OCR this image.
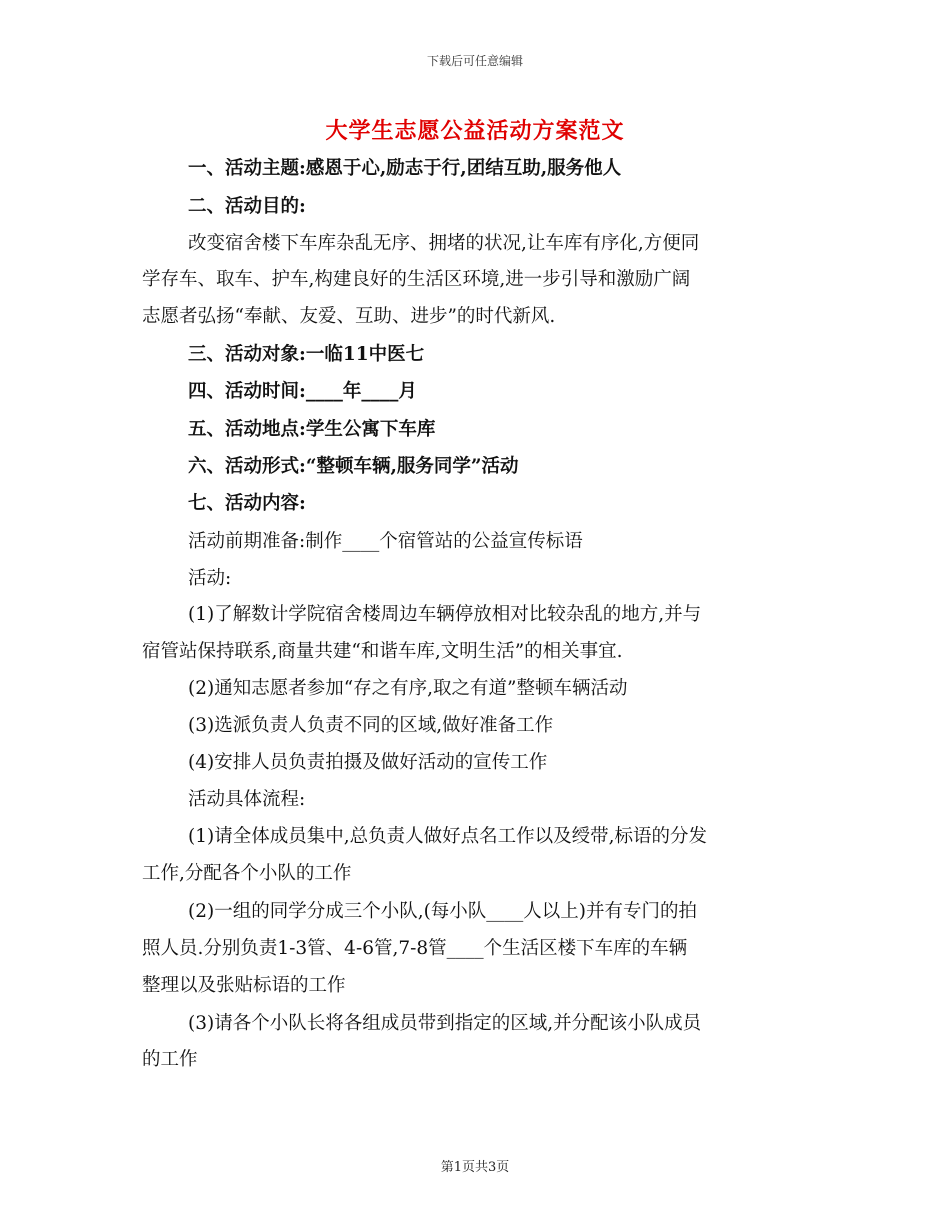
下载后可任意编辑
大学生志愿公益活动方案范文
一、活动主题:感恩于心,励志于行,团结互助,服务他人
二、活动目的:
改变宿舍楼下车库杂乱无序、拥堵的状况,让车库有序化,方便同
学存车、取车、护车,构建良好的生活区环境,进一步引导和激励广阔
志愿者弘扬“奉献、友爱、互助、进步”的时代新风.
三、活动对象:一临11中医七
四、活动时间:____年____月
五、活动地点:学生公寓下车库
六、活动形式:“整顿车辆,服务同学”活动
七、活动内容:
活动前期准备:制作____个宿管站的公益宣传标语
活动:
(1)了解数计学院宿舍楼周边车辆停放相对比较杂乱的地方,并与
宿管站保持联系,商量共建“和谐车库,文明生活”的相关事宜.
(2)通知志愿者参加“存之有序,取之有道”整顿车辆活动
(3)选派负责人负责不同的区域,做好准备工作
(4)安排人员负责拍摄及做好活动的宣传工作
活动具体流程:
(1)请全体成员集中,总负责人做好点名工作以及绶带,标语的分发
工作,分配各个小队的工作
(2)一组的同学分成三个小队,(每小队____人以上)并有专门的拍
照人员.分别负责1-3管、4-6管,7-8管____个生活区楼下车库的车辆
整理以及张贴标语的工作
(3)请各个小队长将各组成员带到指定的区域,并分配该小队成员
的工作
第1页共3页
